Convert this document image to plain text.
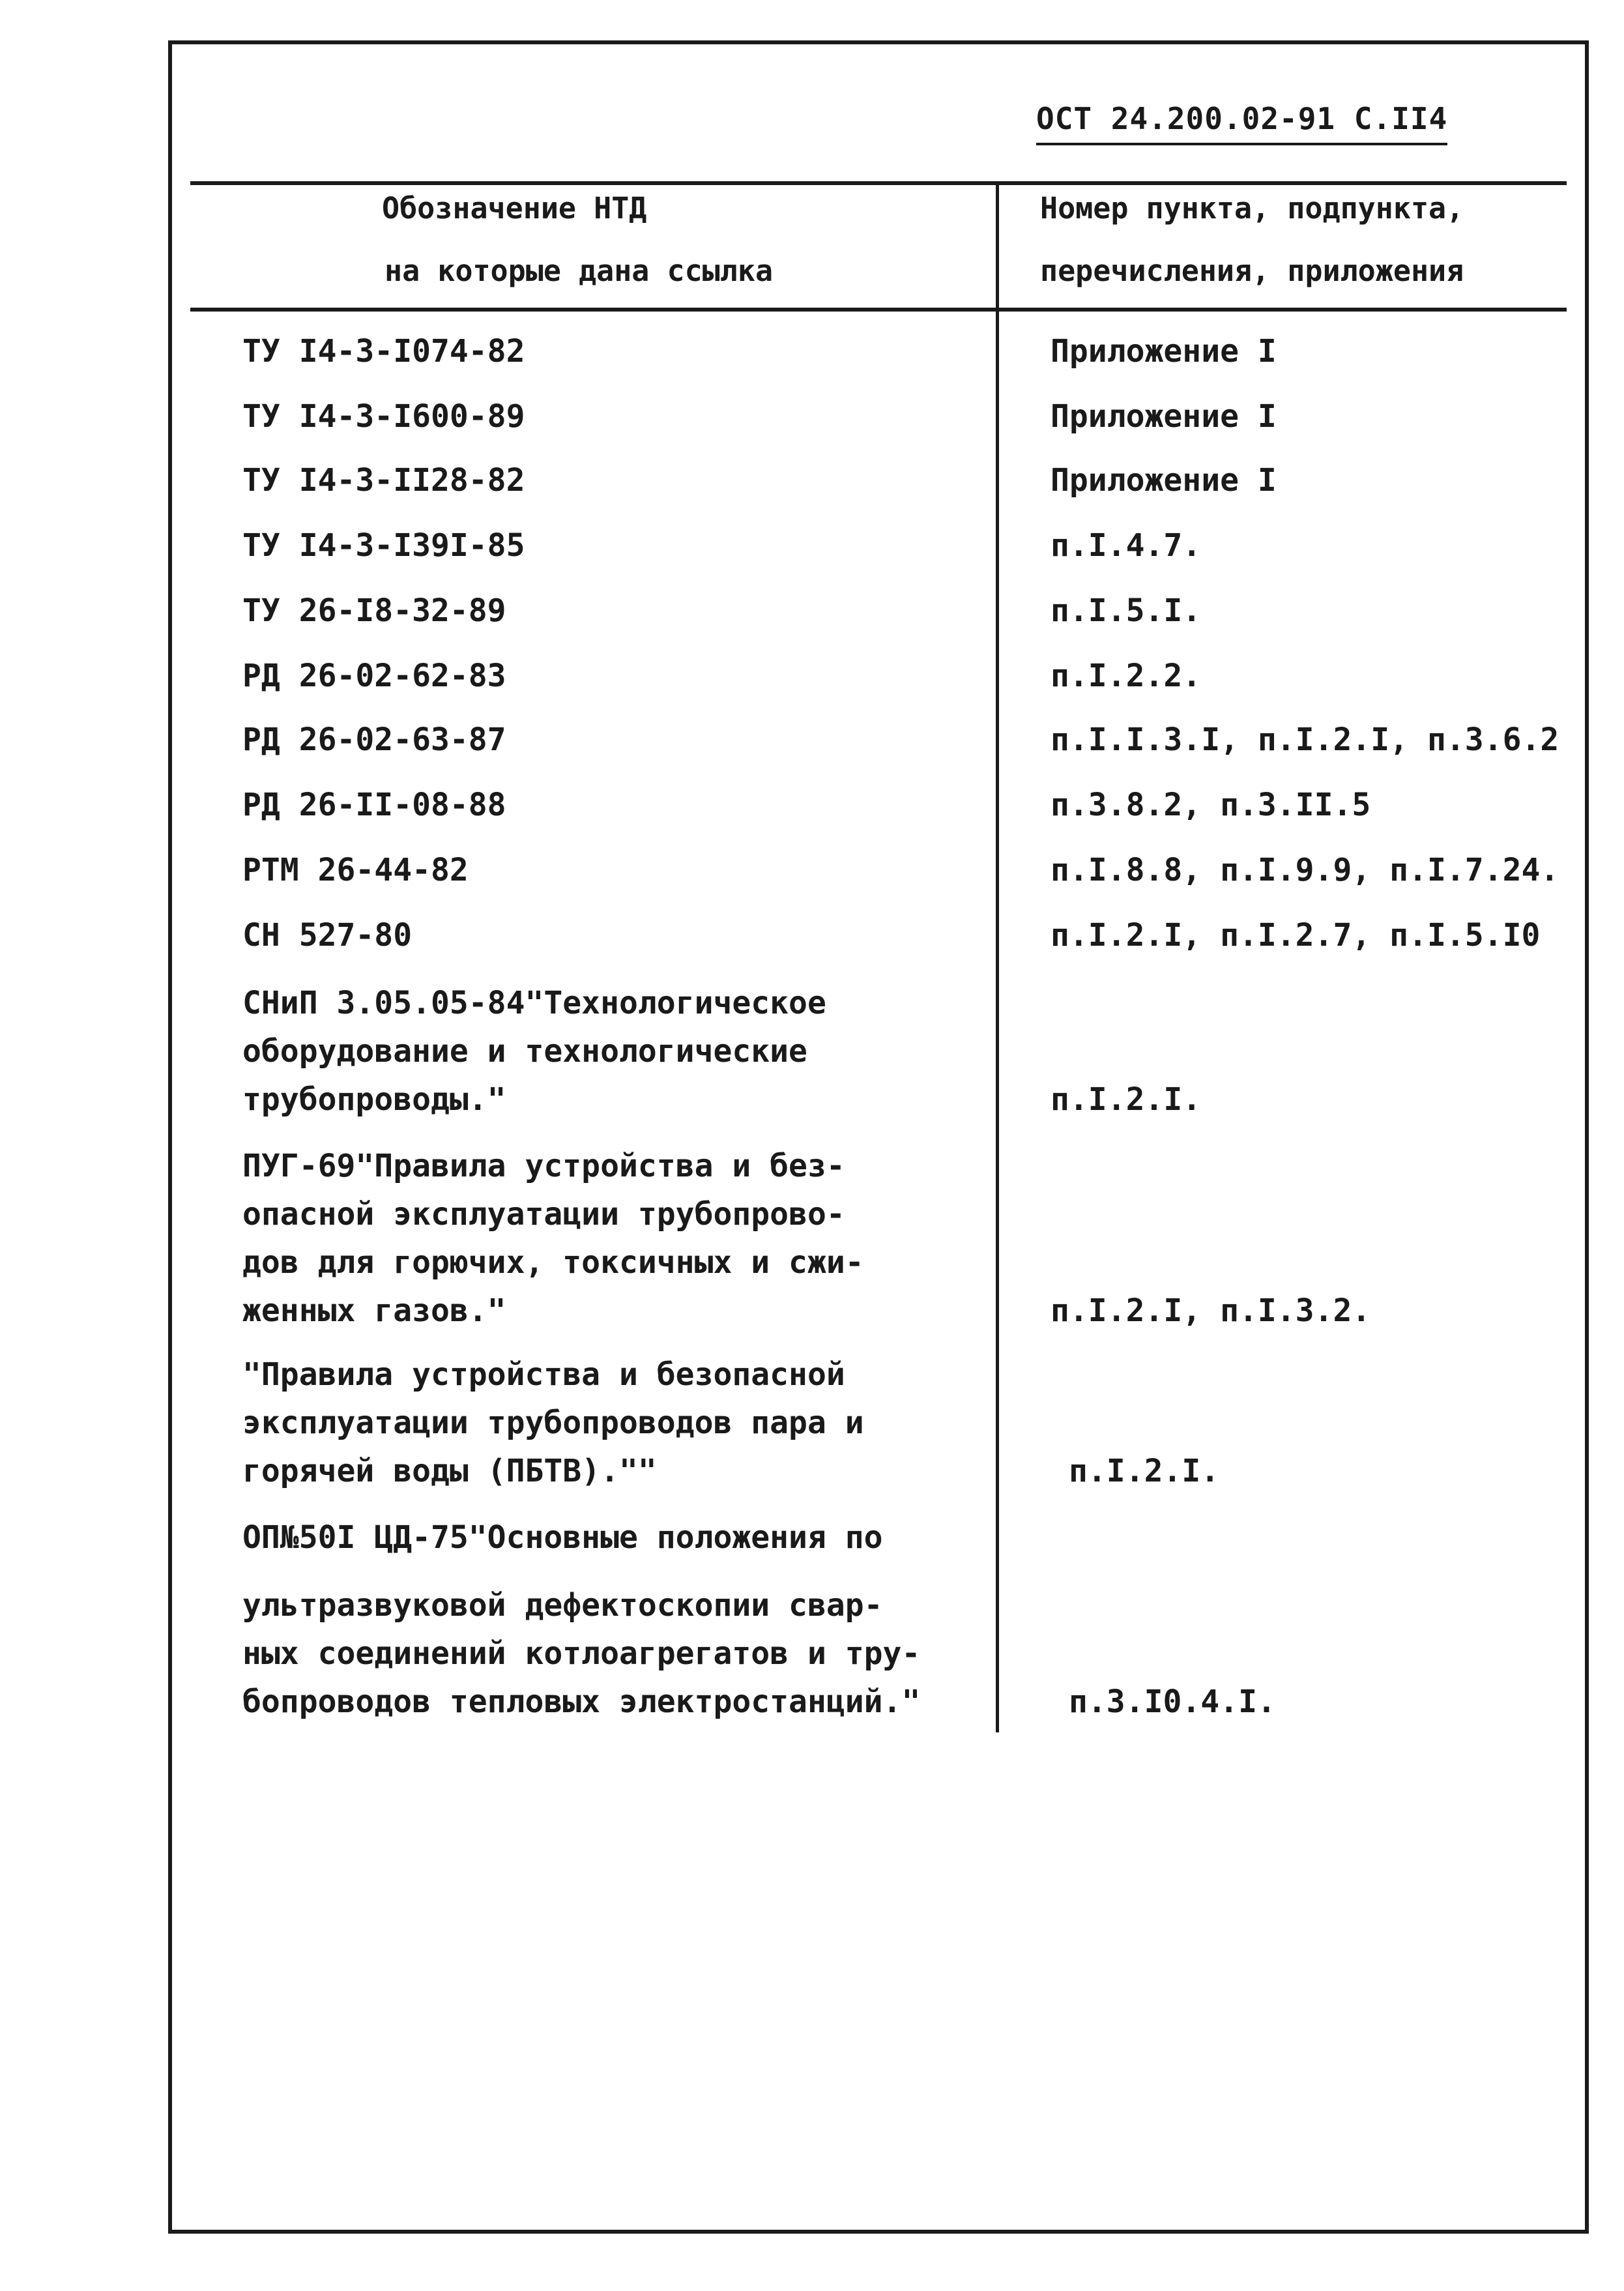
ОСТ 24.200.02-91 С.II4
Обозначение НТД
на которые дана ссылка
Номер пункта, подпункта,
перечисления, приложения
ТУ I4-3-I074-82	Приложение I
ТУ I4-3-I600-89	Приложение I
ТУ I4-3-II28-82	Приложение I
ТУ I4-3-I39I-85	п.I.4.7.
ТУ 26-I8-32-89	п.I.5.I.
РД 26-02-62-83	п.I.2.2.
РД 26-02-63-87	п.I.I.3.I, п.I.2.I, п.3.6.2
РД 26-II-08-88	п.3.8.2, п.3.II.5
РТМ 26-44-82	п.I.8.8, п.I.9.9, п.I.7.24.
СН 527-80	п.I.2.I, п.I.2.7, п.I.5.I0
СНиП 3.05.05-84"Технологическое
оборудование и технологические
трубопроводы."	п.I.2.I.
ПУГ-69"Правила устройства и без-
опасной эксплуатации трубопрово-
дов для горючих, токсичных и сжи-
женных газов."	п.I.2.I, п.I.3.2.
"Правила устройства и безопасной
эксплуатации трубопроводов пара и
горячей воды (ПБТВ).""	п.I.2.I.
ОП№50I ЦД-75"Основные положения по
ультразвуковой дефектоскопии свар-
ных соединений котлоагрегатов и тру-
бопроводов тепловых электростанций."	п.3.I0.4.I.
